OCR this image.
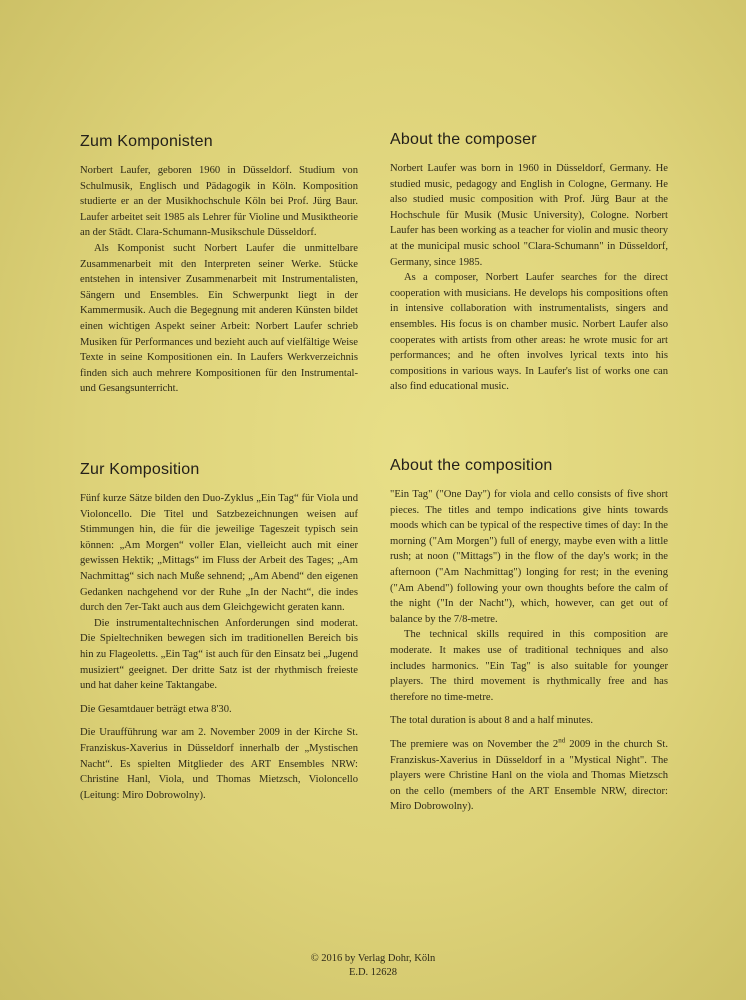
Zum Komponisten

Norbert Laufer, geboren 1960 in Düsseldorf. Studium von Schulmusik, Englisch und Pädagogik in Köln. Komposition studierte er an der Musikhochschule Köln bei Prof. Jürg Baur. Laufer arbeitet seit 1985 als Lehrer für Violine und Musiktheorie an der Städt. Clara-Schumann-Musikschule Düsseldorf.

Als Komponist sucht Norbert Laufer die unmittelbare Zusammenarbeit mit den Interpreten seiner Werke. Stücke entstehen in intensiver Zusammenarbeit mit Instrumentalisten, Sängern und Ensembles. Ein Schwerpunkt liegt in der Kammermusik. Auch die Begegnung mit anderen Künsten bildet einen wichtigen Aspekt seiner Arbeit: Norbert Laufer schrieb Musiken für Performances und bezieht auch auf vielfältige Weise Texte in seine Kompositionen ein. In Laufers Werkverzeichnis finden sich auch mehrere Kompositionen für den Instrumental- und Gesangsunterricht.

About the composer

Norbert Laufer was born in 1960 in Düsseldorf, Germany. He studied music, pedagogy and English in Cologne, Germany. He also studied music composition with Prof. Jürg Baur at the Hochschule für Musik (Music University), Cologne. Norbert Laufer has been working as a teacher for violin and music theory at the municipal music school "Clara-Schumann" in Düsseldorf, Germany, since 1985.

As a composer, Norbert Laufer searches for the direct cooperation with musicians. He develops his compositions often in intensive collaboration with instrumentalists, singers and ensembles. His focus is on chamber music. Norbert Laufer also cooperates with artists from other areas: he wrote music for art performances; and he often involves lyrical texts into his compositions in various ways. In Laufer's list of works one can also find educational music.

Zur Komposition

Fünf kurze Sätze bilden den Duo-Zyklus „Ein Tag“ für Viola und Violoncello. Die Titel und Satzbezeichnungen weisen auf Stimmungen hin, die für die jeweilige Tageszeit typisch sein können: „Am Morgen“ voller Elan, vielleicht auch mit einer gewissen Hektik; „Mittags“ im Fluss der Arbeit des Tages; „Am Nachmittag“ sich nach Muße sehnend; „Am Abend“ den eigenen Gedanken nachgehend vor der Ruhe „In der Nacht“, die indes durch den 7er-Takt auch aus dem Gleichgewicht geraten kann.

Die instrumentaltechnischen Anforderungen sind moderat. Die Spieltechniken bewegen sich im traditionellen Bereich bis hin zu Flageoletts. „Ein Tag“ ist auch für den Einsatz bei „Jugend musiziert“ geeignet. Der dritte Satz ist der rhythmisch freieste und hat daher keine Taktangabe.

Die Gesamtdauer beträgt etwa 8'30.

Die Uraufführung war am 2. November 2009 in der Kirche St. Franziskus-Xaverius in Düsseldorf innerhalb der „Mystischen Nacht“. Es spielten Mitglieder des ART Ensembles NRW: Christine Hanl, Viola, und Thomas Mietzsch, Violoncello (Leitung: Miro Dobrowolny).

About the composition

"Ein Tag" ("One Day") for viola and cello consists of five short pieces. The titles and tempo indications give hints towards moods which can be typical of the respective times of day: In the morning ("Am Morgen") full of energy, maybe even with a little rush; at noon ("Mittags") in the flow of the day's work; in the afternoon ("Am Nachmittag") longing for rest; in the evening ("Am Abend") following your own thoughts before the calm of the night ("In der Nacht"), which, however, can get out of balance by the 7/8-metre.

The technical skills required in this composition are moderate. It makes use of traditional techniques and also includes harmonics. "Ein Tag" is also suitable for younger players. The third movement is rhythmically free and has therefore no time-metre.

The total duration is about 8 and a half minutes.

The premiere was on November the 2nd 2009 in the church St. Franziskus-Xaverius in Düsseldorf in a "Mystical Night". The players were Christine Hanl on the viola and Thomas Mietzsch on the cello (members of the ART Ensemble NRW, director: Miro Dobrowolny).

© 2016 by Verlag Dohr, Köln
E.D. 12628
